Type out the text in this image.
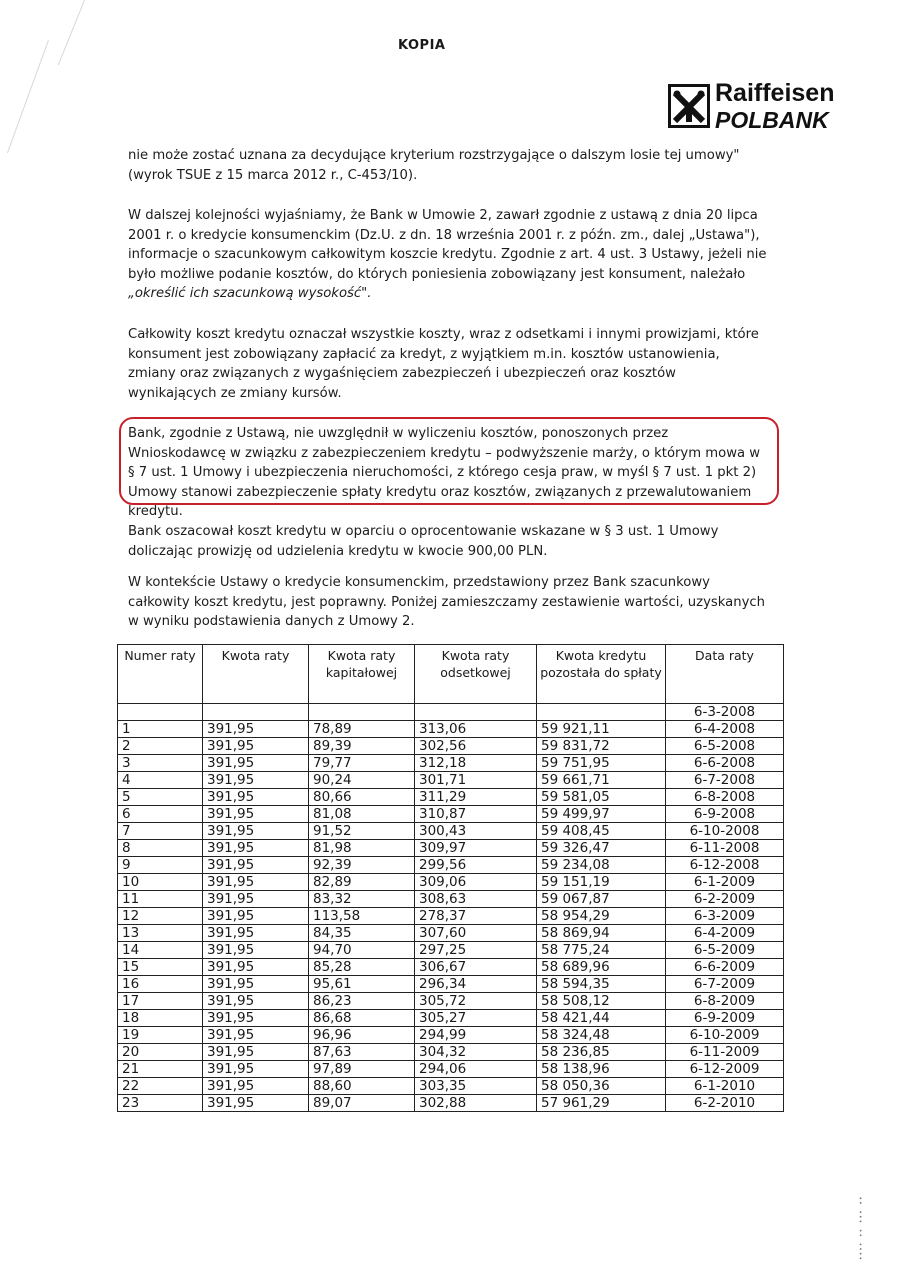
KOPIA
Raiffeisen
POLBANK

nie może zostać uznana za decydujące kryterium rozstrzygające o dalszym losie tej umowy" (wyrok TSUE z 15 marca 2012 r., C-453/10).

W dalszej kolejności wyjaśniamy, że Bank w Umowie 2, zawarł zgodnie z ustawą z dnia 20 lipca 2001 r. o kredycie konsumenckim (Dz.U. z dn. 18 września 2001 r. z późn. zm., dalej „Ustawa"), informacje o szacunkowym całkowitym koszcie kredytu. Zgodnie z art. 4 ust. 3 Ustawy, jeżeli nie było możliwe podanie kosztów, do których poniesienia zobowiązany jest konsument, należało „określić ich szacunkową wysokość".

Całkowity koszt kredytu oznaczał wszystkie koszty, wraz z odsetkami i innymi prowizjami, które konsument jest zobowiązany zapłacić za kredyt, z wyjątkiem m.in. kosztów ustanowienia, zmiany oraz związanych z wygaśnięciem zabezpieczeń i ubezpieczeń oraz kosztów wynikających ze zmiany kursów.

Bank, zgodnie z Ustawą, nie uwzględnił w wyliczeniu kosztów, ponoszonych przez Wnioskodawcę w związku z zabezpieczeniem kredytu – podwyższenie marży, o którym mowa w § 7 ust. 1 Umowy i ubezpieczenia nieruchomości, z którego cesja praw, w myśl § 7 ust. 1 pkt 2) Umowy stanowi zabezpieczenie spłaty kredytu oraz kosztów, związanych z przewalutowaniem kredytu.

Bank oszacował koszt kredytu w oparciu o oprocentowanie wskazane w § 3 ust. 1 Umowy doliczając prowizję od udzielenia kredytu w kwocie 900,00 PLN.

W kontekście Ustawy o kredycie konsumenckim, przedstawiony przez Bank szacunkowy całkowity koszt kredytu, jest poprawny. Poniżej zamieszczamy zestawienie wartości, uzyskanych w wyniku podstawienia danych z Umowy 2.

Numer raty	Kwota raty	Kwota raty kapitałowej	Kwota raty odsetkowej	Kwota kredytu pozostała do spłaty	Data raty
					6-3-2008
1	391,95	78,89	313,06	59 921,11	6-4-2008
2	391,95	89,39	302,56	59 831,72	6-5-2008
3	391,95	79,77	312,18	59 751,95	6-6-2008
4	391,95	90,24	301,71	59 661,71	6-7-2008
5	391,95	80,66	311,29	59 581,05	6-8-2008
6	391,95	81,08	310,87	59 499,97	6-9-2008
7	391,95	91,52	300,43	59 408,45	6-10-2008
8	391,95	81,98	309,97	59 326,47	6-11-2008
9	391,95	92,39	299,56	59 234,08	6-12-2008
10	391,95	82,89	309,06	59 151,19	6-1-2009
11	391,95	83,32	308,63	59 067,87	6-2-2009
12	391,95	113,58	278,37	58 954,29	6-3-2009
13	391,95	84,35	307,60	58 869,94	6-4-2009
14	391,95	94,70	297,25	58 775,24	6-5-2009
15	391,95	85,28	306,67	58 689,96	6-6-2009
16	391,95	95,61	296,34	58 594,35	6-7-2009
17	391,95	86,23	305,72	58 508,12	6-8-2009
18	391,95	86,68	305,27	58 421,44	6-9-2009
19	391,95	96,96	294,99	58 324,48	6-10-2009
20	391,95	87,63	304,32	58 236,85	6-11-2009
21	391,95	97,89	294,06	58 138,96	6-12-2009
22	391,95	88,60	303,35	58 050,36	6-1-2010
23	391,95	89,07	302,88	57 961,29	6-2-2010
•••• •• ••• ••
